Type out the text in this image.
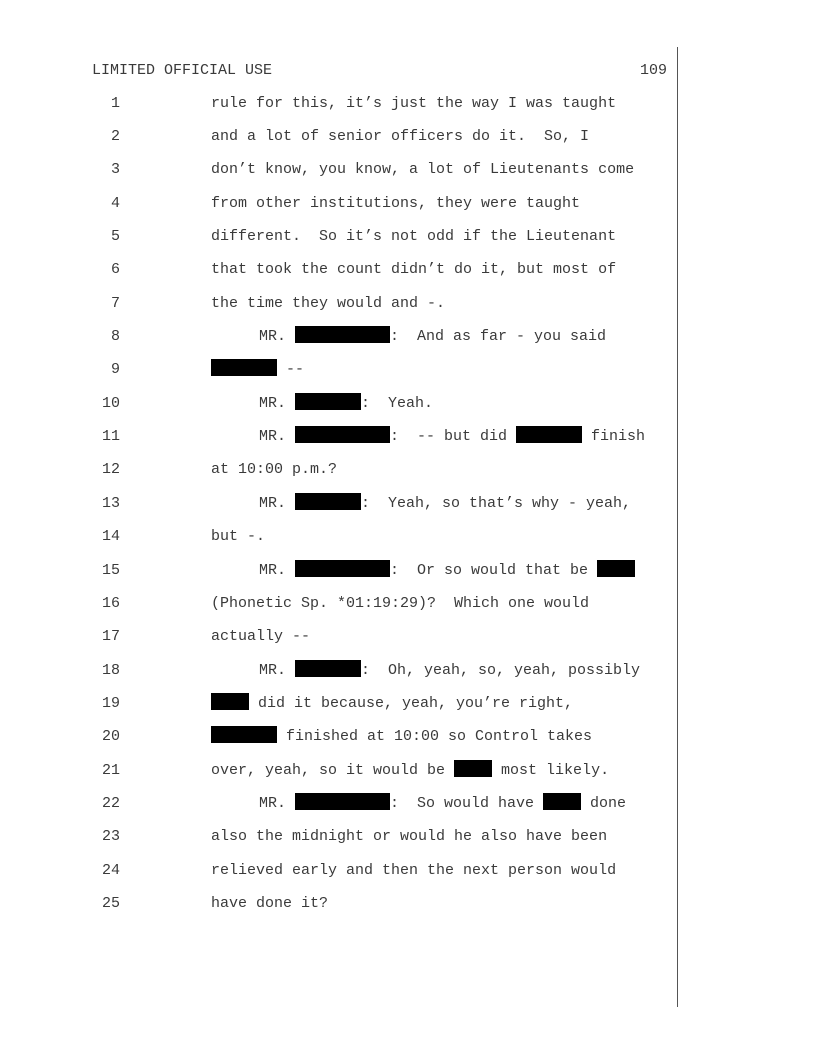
LIMITED OFFICIAL USE	109
1	rule for this, it’s just the way I was taught
2	and a lot of senior officers do it.  So, I
3	don’t know, you know, a lot of Lieutenants come
4	from other institutions, they were taught
5	different.  So it’s not odd if the Lieutenant
6	that took the count didn’t do it, but most of
7	the time they would and -.
8	MR.	:  And as far - you said
9	--
10	MR.	:  Yeah.
11	MR.	:  -- but did	finish
12	at 10:00 p.m.?
13	MR.	:  Yeah, so that’s why - yeah,
14	but -.
15	MR.	:  Or so would that be
16	(Phonetic Sp. *01:19:29)?  Which one would
17	actually --
18	MR.	:  Oh, yeah, so, yeah, possibly
19	did it because, yeah, you’re right,
20	finished at 10:00 so Control takes
21	over, yeah, so it would be	most likely.
22	MR.	:  So would have	done
23	also the midnight or would he also have been
24	relieved early and then the next person would
25	have done it?
